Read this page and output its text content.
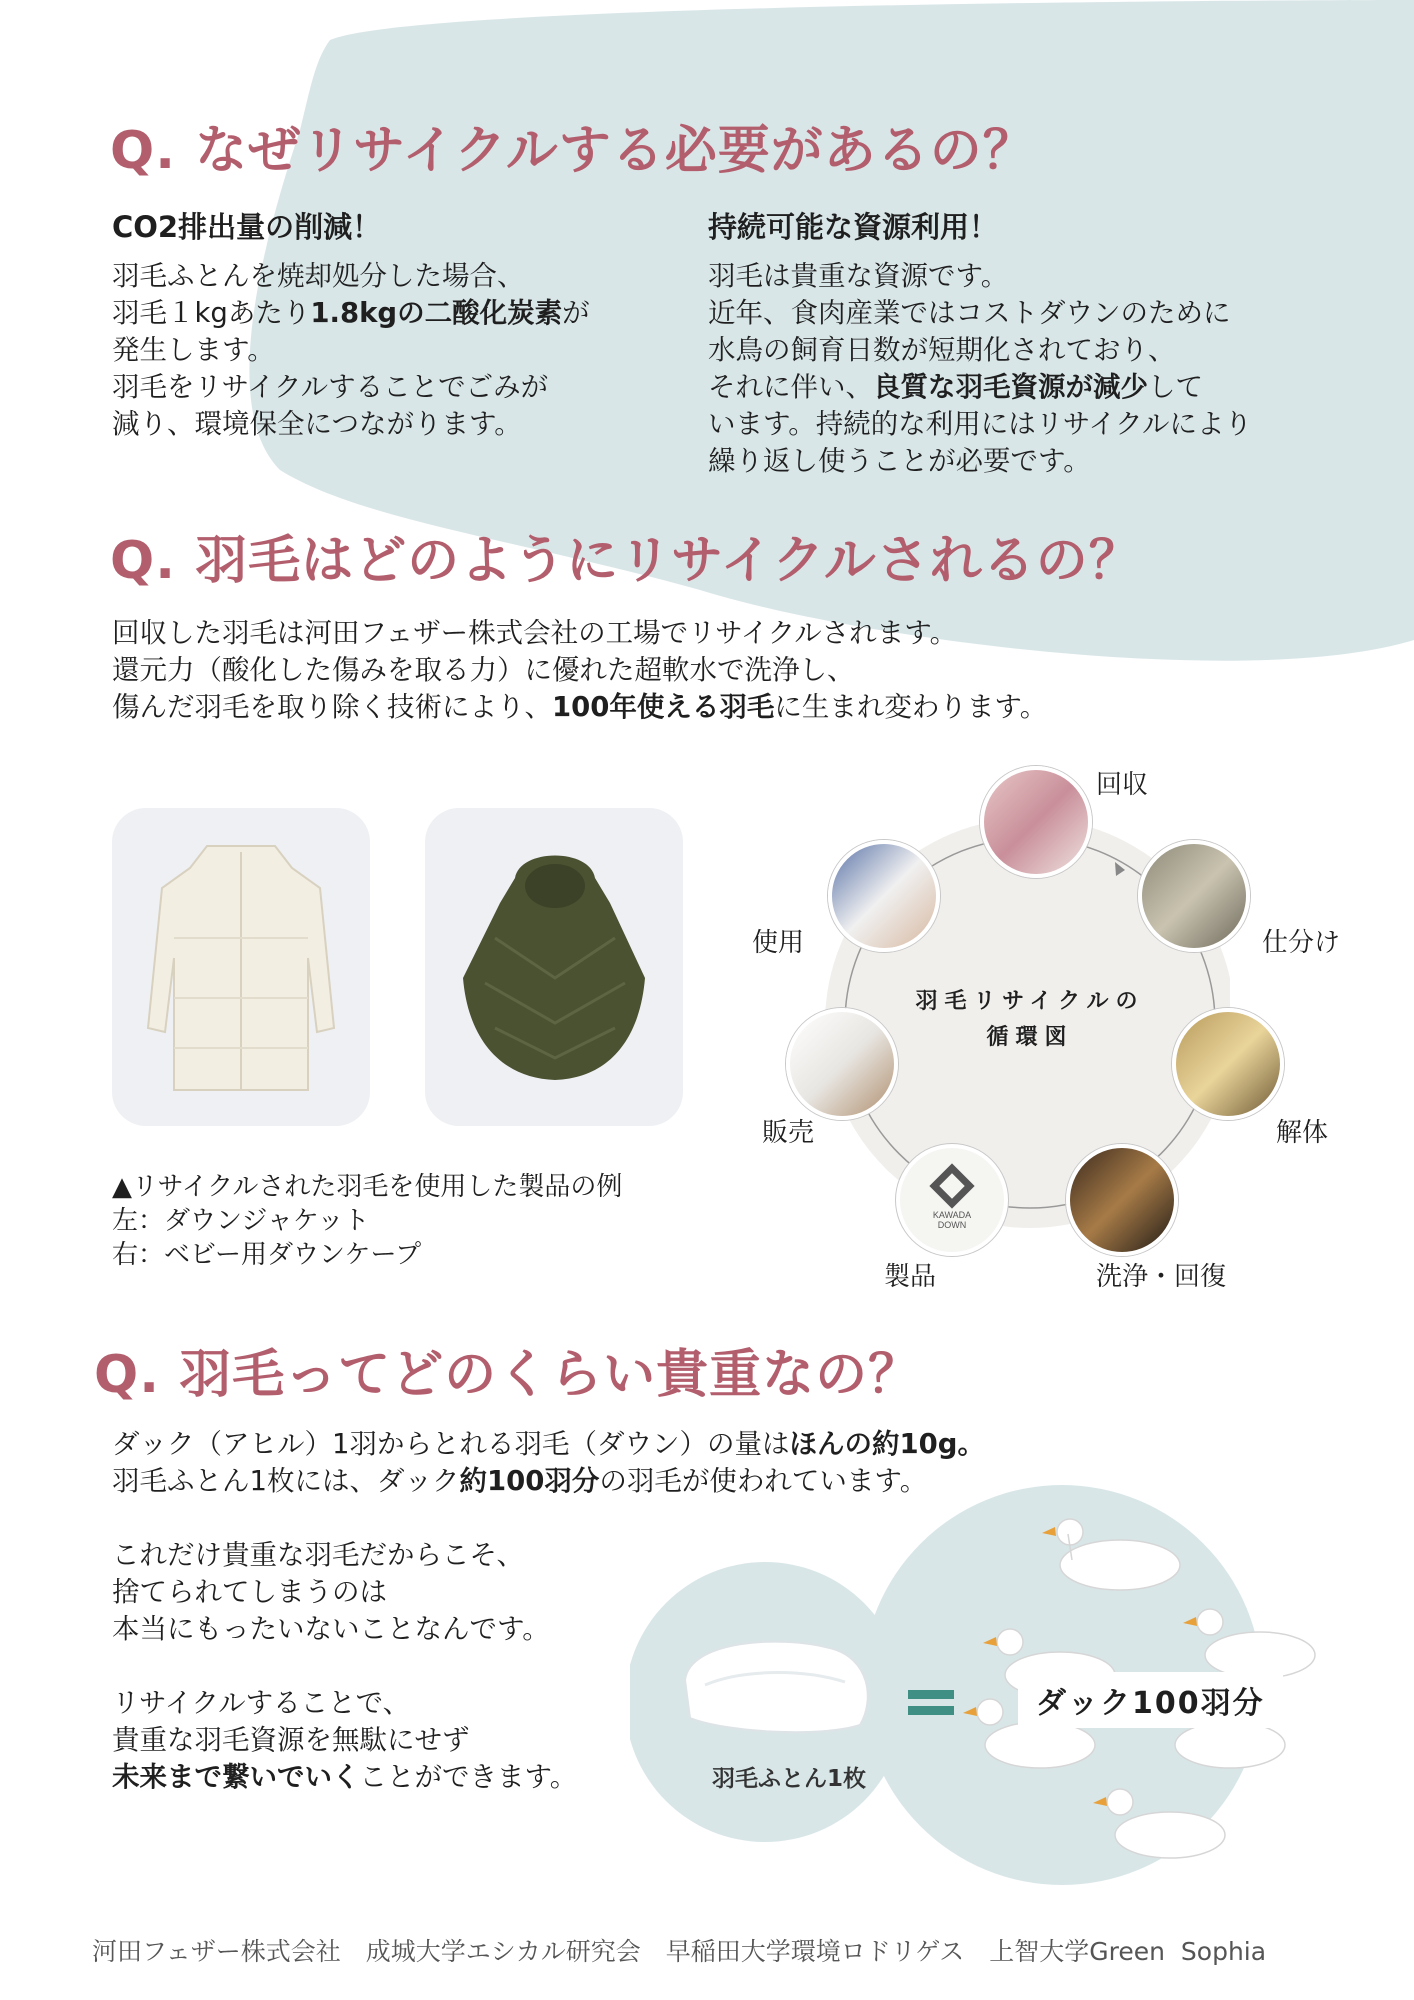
Q. なぜリサイクルする必要があるの？
CO2排出量の削減！
羽毛ふとんを焼却処分した場合、
羽毛１kgあたり1.8kgの二酸化炭素が
発生します。
羽毛をリサイクルすることでごみが
減り、環境保全につながります。
持続可能な資源利用！
羽毛は貴重な資源です。
近年、食肉産業ではコストダウンのために
水鳥の飼育日数が短期化されており、
それに伴い、良質な羽毛資源が減少して
います。持続的な利用にはリサイクルにより
繰り返し使うことが必要です。
Q. 羽毛はどのようにリサイクルされるの？
回収した羽毛は河田フェザー株式会社の工場でリサイクルされます。
還元力（酸化した傷みを取る力）に優れた超軟水で洗浄し、
傷んだ羽毛を取り除く技術により、100年使える羽毛に生まれ変わります。
▲リサイクルされた羽毛を使用した製品の例
左：ダウンジャケット
右：ベビー用ダウンケープ
KAWADA
DOWN
羽毛リサイクルの
循環図
回収
仕分け
解体
洗浄・回復
製品
販売
使用
Q. 羽毛ってどのくらい貴重なの？
ダック（アヒル）1羽からとれる羽毛（ダウン）の量はほんの約10g。
羽毛ふとん1枚には、ダック約100羽分の羽毛が使われています。

これだけ貴重な羽毛だからこそ、
捨てられてしまうのは
本当にもったいないことなんです。

リサイクルすることで、
貴重な羽毛資源を無駄にせず
未来まで繋いでいくことができます。	羽毛ふとん1枚
ダック100羽分
河田フェザー株式会社　成城大学エシカル研究会　早稲田大学環境ロドリゲス　上智大学Green Sophia
